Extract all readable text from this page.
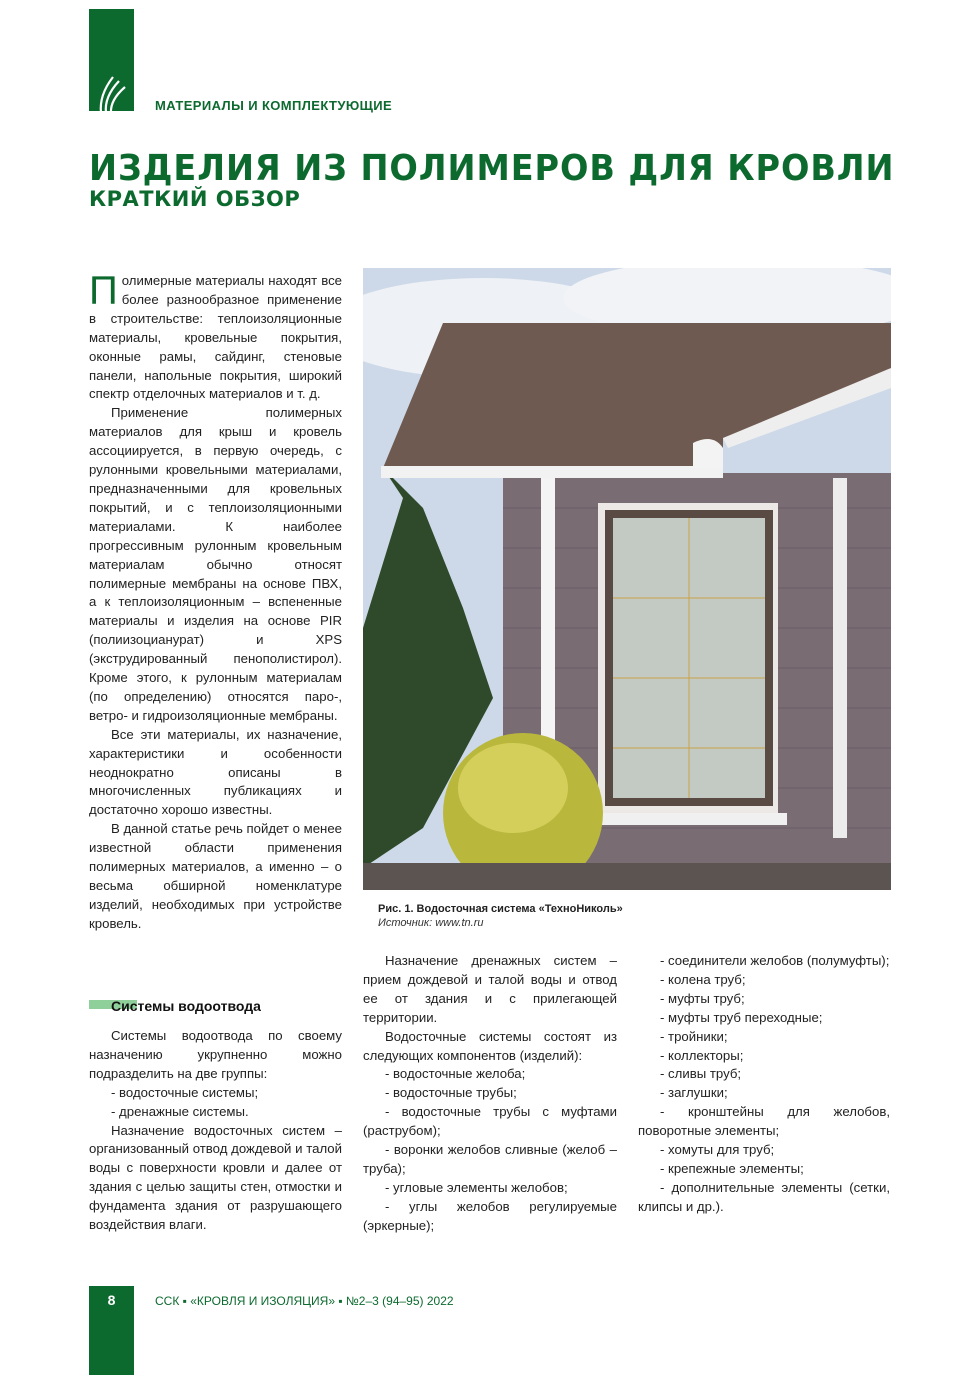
МАТЕРИАЛЫ И КОМПЛЕКТУЮЩИЕ
ИЗДЕЛИЯ ИЗ ПОЛИМЕРОВ ДЛЯ КРОВЛИ
КРАТКИЙ ОБЗОР

Полимерные материалы находят все более разнообразное применение в строительстве: теплоизоляционные материалы, кровельные покрытия, оконные рамы, сайдинг, стеновые панели, напольные покрытия, широкий спектр отделочных материалов и т. д.

Применение полимерных материалов для крыш и кровель ассоциируется, в первую очередь, с рулонными кровельными материалами, предназначенными для кровельных покрытий, и с теплоизоляционными материалами. К наиболее прогрессивным рулонным кровельным материалам обычно относят полимерные мембраны на основе ПВХ, а к теплоизоляционным – вспененные материалы и изделия на основе PIR (полиизоцианурат) и XPS (экструдированный пенополистирол). Кроме этого, к рулонным материалам (по определению) относятся паро-, ветро- и гидроизоляционные мембраны.

Все эти материалы, их назначение, характеристики и особенности неоднократно описаны в многочисленных публикациях и достаточно хорошо известны.

В данной статье речь пойдет о менее известной области применения полимерных материалов, а именно – о весьма обширной номенклатуре изделий, необходимых при устройстве кровель.

Системы водоотвода

Системы водоотвода по своему назначению укрупненно можно подразделить на две группы:

- водосточные системы;

- дренажные системы.

Назначение водосточных систем – организованный отвод дождевой и талой воды с поверхности кровли и далее от здания с целью защиты стен, отмостки и фундамента здания от разрушающего воздействия влаги.

Рис. 1. Водосточная система «ТехноНиколь»
Источник: www.tn.ru

Назначение дренажных систем – прием дождевой и талой воды и отвод ее от здания и с прилегающей территории.

Водосточные системы состоят из следующих компонентов (изделий):

- водосточные желоба;

- водосточные трубы;

- водосточные трубы с муфтами (раструбом);

- воронки желобов сливные (желоб – труба);

- угловые элементы желобов;

- углы желобов регулируемые (эркерные);

- соединители желобов (полумуфты);

- колена труб;

- муфты труб;

- муфты труб переходные;

- тройники;

- коллекторы;

- сливы труб;

- заглушки;

- кронштейны для желобов, поворотные элементы;

- хомуты для труб;

- крепежные элементы;

- дополнительные элементы (сетки, клипсы и др.).

8	ССК ▪ «КРОВЛЯ И ИЗОЛЯЦИЯ» ▪ №2–3 (94–95) 2022
